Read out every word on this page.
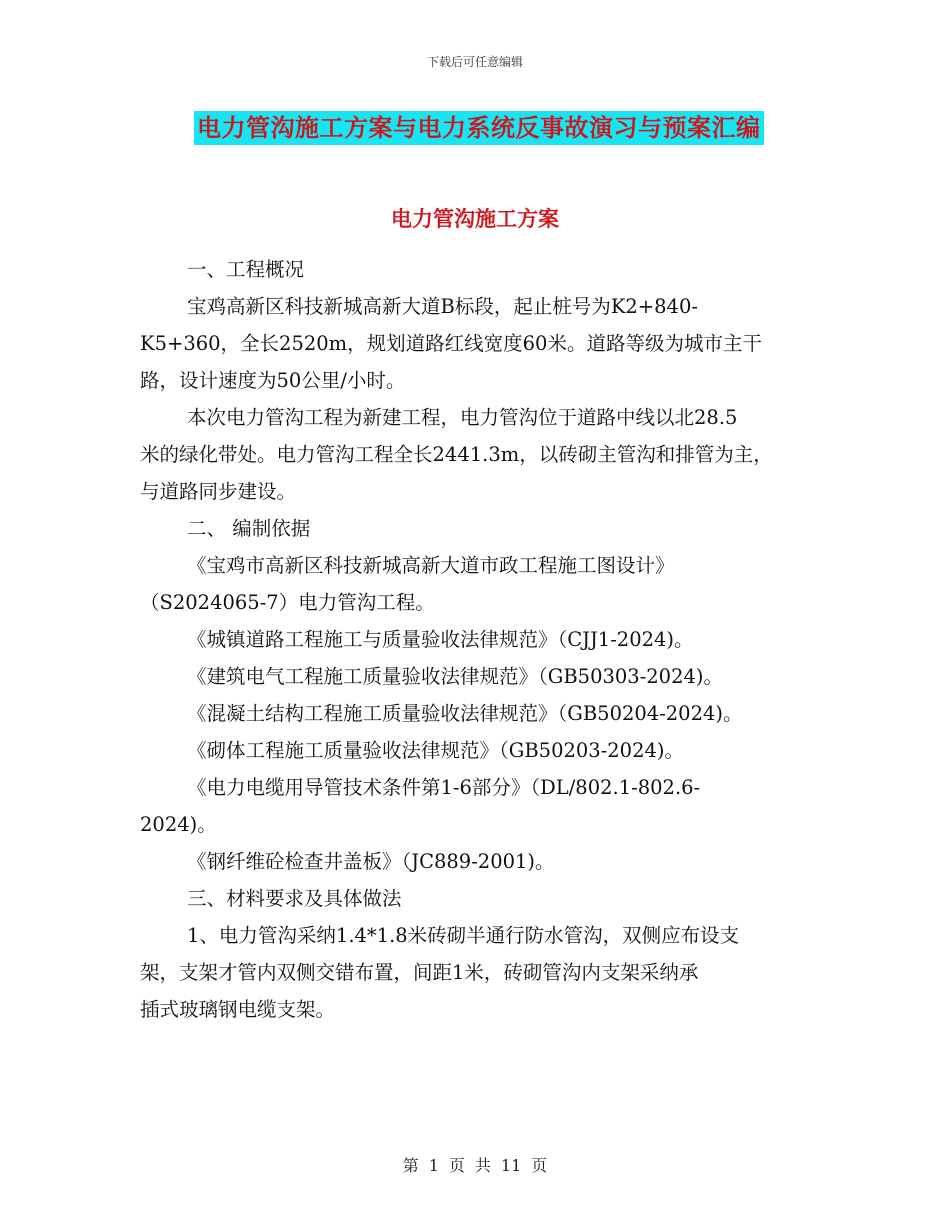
下载后可任意编辑
电力管沟施工方案与电力系统反事故演习与预案汇编
电力管沟施工方案
一、工程概况
宝鸡高新区科技新城高新大道B标段，起止桩号为K2+840-
K5+360，全长2520m，规划道路红线宽度60米。道路等级为城市主干
路，设计速度为50公里/小时。
本次电力管沟工程为新建工程，电力管沟位于道路中线以北28.5
米的绿化带处。电力管沟工程全长2441.3m，以砖砌主管沟和排管为主，
与道路同步建设。
二、 编制依据
《宝鸡市高新区科技新城高新大道市政工程施工图设计》
（S2024065-7）电力管沟工程。
《城镇道路工程施工与质量验收法律规范》（CJJ1-2024)。
《建筑电气工程施工质量验收法律规范》（GB50303-2024)。
《混凝土结构工程施工质量验收法律规范》（GB50204-2024)。
《砌体工程施工质量验收法律规范》（GB50203-2024)。
《电力电缆用导管技术条件第1-6部分》（DL/802.1-802.6-
2024)。
《钢纤维砼检查井盖板》（JC889-2001)。
三、材料要求及具体做法
1、电力管沟采纳1.4*1.8米砖砌半通行防水管沟，双侧应布设支
架，支架才管内双侧交错布置，间距1米，砖砌管沟内支架采纳承
插式玻璃钢电缆支架。
第 1 页 共 11 页
